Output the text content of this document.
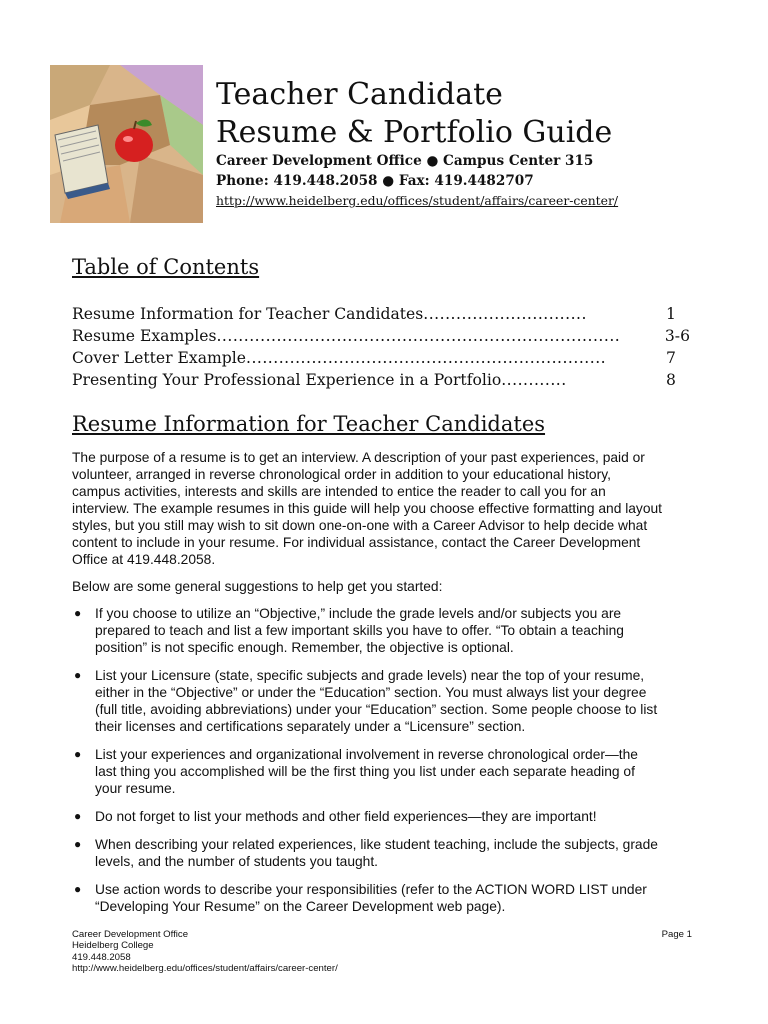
Teacher Candidate
Resume & Portfolio Guide
Career Development Office ● Campus Center 315
Phone: 419.448.2058 ● Fax: 419.4482707
http://www.heidelberg.edu/offices/student/affairs/career-center/
Table of Contents
Resume Information for Teacher Candidates ..............................	1
Resume Examples ..........................................................................	3-6
Cover Letter Example ..................................................................	7
Presenting Your Professional Experience in a Portfolio ............	8
Resume Information for Teacher Candidates

The purpose of a resume is to get an interview. A description of your past experiences, paid or volunteer, arranged in reverse chronological order in addition to your educational history, campus activities, interests and skills are intended to entice the reader to call you for an interview. The example resumes in this guide will help you choose effective formatting and layout styles, but you still may wish to sit down one-on-one with a Career Advisor to help decide what content to include in your resume. For individual assistance, contact the Career Development Office at 419.448.2058.

Below are some general suggestions to help get you started:

● If you choose to utilize an “Objective,” include the grade levels and/or subjects you are prepared to teach and list a few important skills you have to offer. “To obtain a teaching position” is not specific enough. Remember, the objective is optional.
● List your Licensure (state, specific subjects and grade levels) near the top of your resume, either in the “Objective” or under the “Education” section. You must always list your degree (full title, avoiding abbreviations) under your “Education” section. Some people choose to list their licenses and certifications separately under a “Licensure” section.
● List your experiences and organizational involvement in reverse chronological order—the last thing you accomplished will be the first thing you list under each separate heading of your resume.
● Do not forget to list your methods and other field experiences—they are important!
● When describing your related experiences, like student teaching, include the subjects, grade levels, and the number of students you taught.
● Use action words to describe your responsibilities (refer to the ACTION WORD LIST under “Developing Your Resume” on the Career Development web page).
Career Development Office
Heidelberg College
419.448.2058
http://www.heidelberg.edu/offices/student/affairs/career-center/
Page 1
